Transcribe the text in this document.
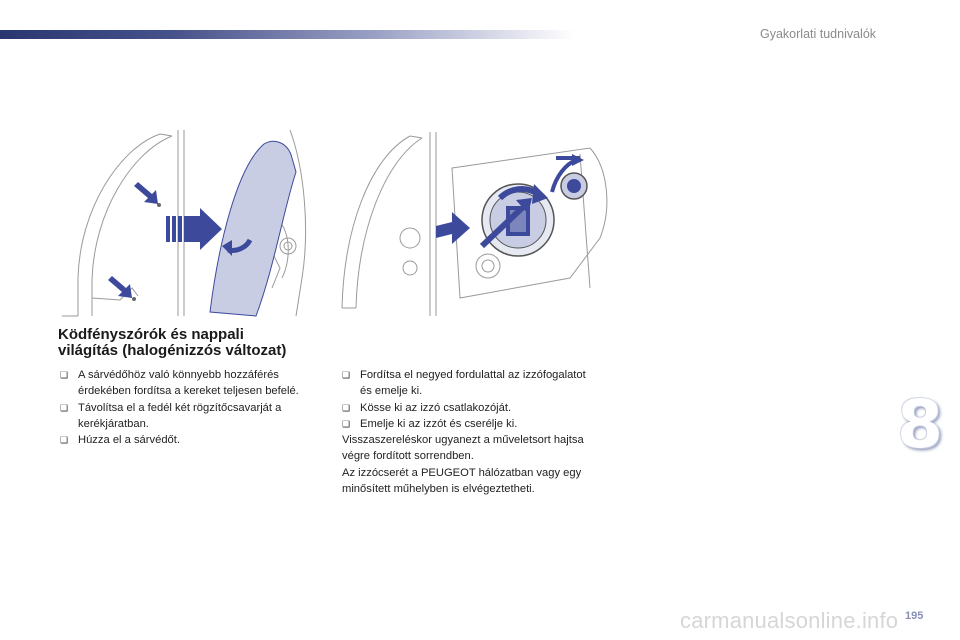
Gyakorlati tudnivalók
Ködfényszórók és nappali
világítás (halogénizzós változat)
❑ A sárvédőhöz való könnyebb hozzáférés érdekében fordítsa a kereket teljesen befelé.
❑ Távolítsa el a fedél két rögzítőcsavarját a kerékjáratban.
❑ Húzza el a sárvédőt.
❑ Fordítsa el negyed fordulattal az izzófogalatot és emelje ki.
❑ Kösse ki az izzó csatlakozóját.
❑ Emelje ki az izzót és cserélje ki.
Visszaszereléskor ugyanezt a műveletsort hajtsa végre fordított sorrendben.
Az izzócserét a PEUGEOT hálózatban vagy egy minősített műhelyben is elvégeztetheti.
8
carmanualsonline.info 195
